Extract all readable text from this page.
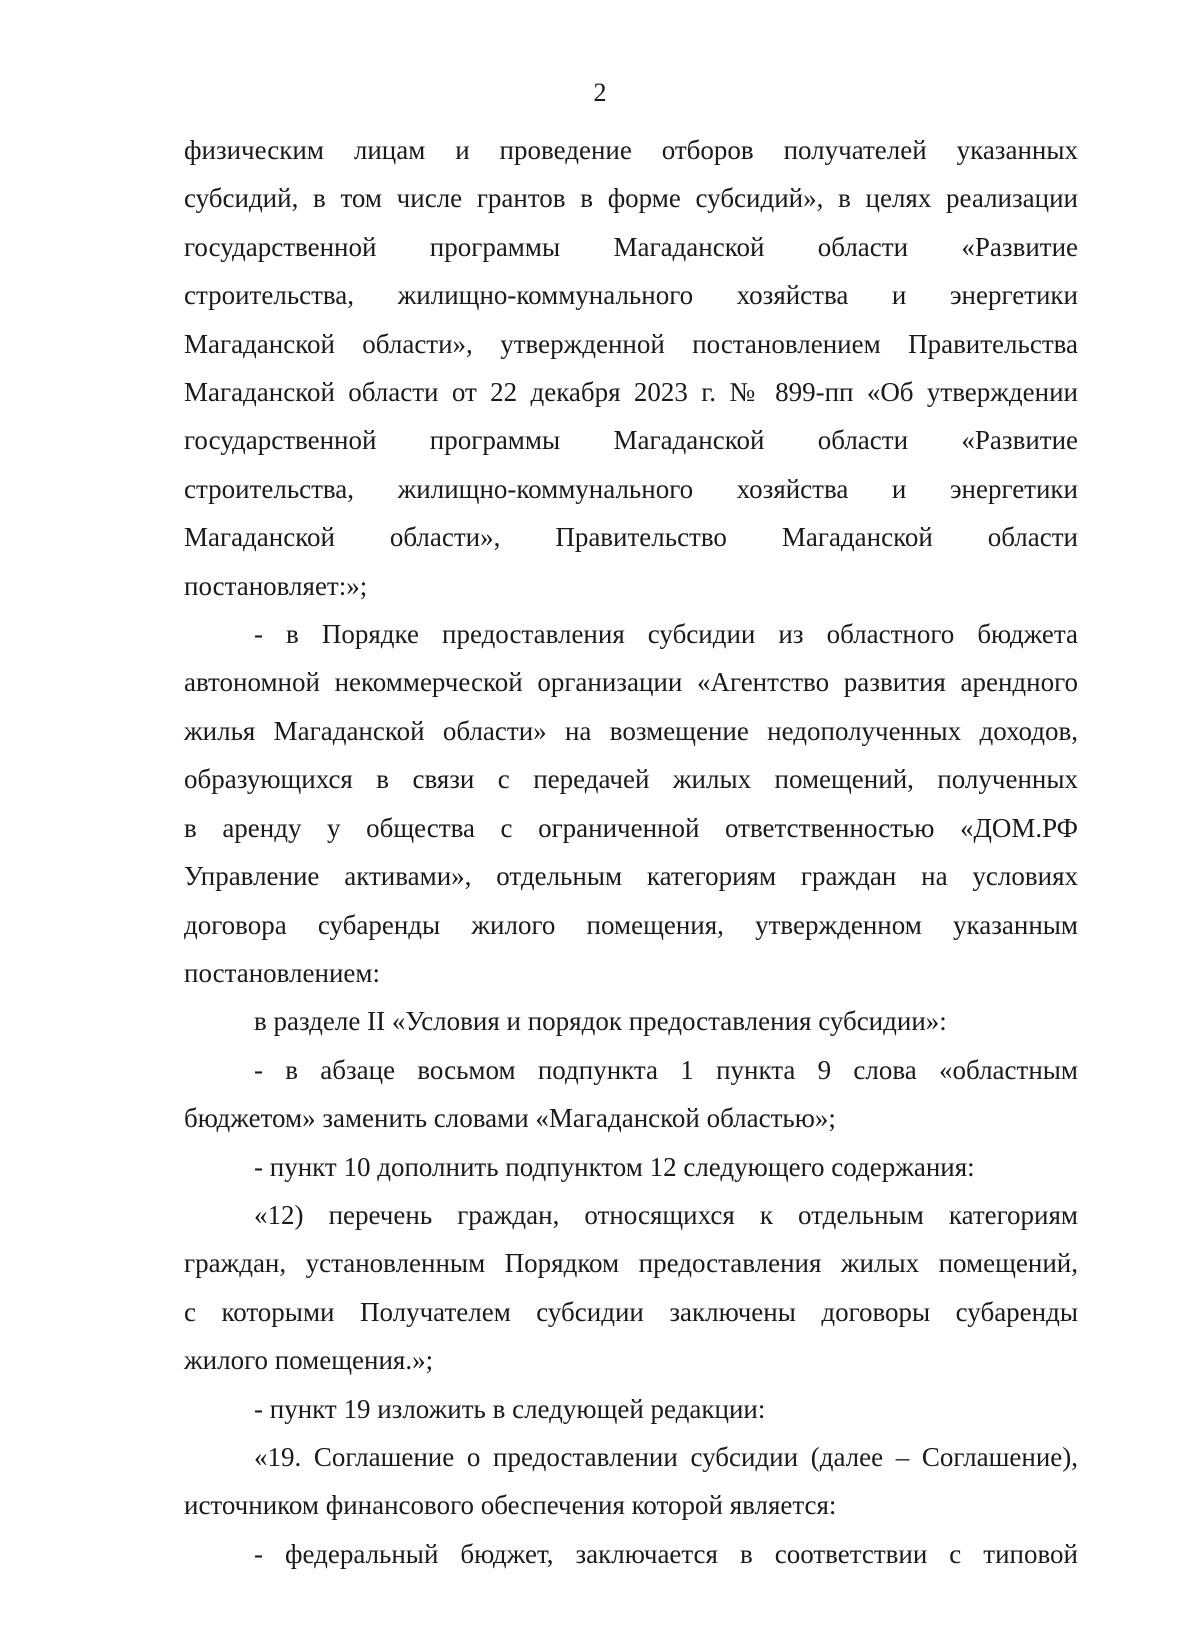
2
физическим лицам и проведение отборов получателей указанных
субсидий, в том числе грантов в форме субсидий», в целях реализации
государственной программы Магаданской области «Развитие
строительства, жилищно-коммунального хозяйства и энергетики
Магаданской области», утвержденной постановлением Правительства
Магаданской области от 22 декабря 2023 г. № 899-пп «Об утверждении
государственной программы Магаданской области «Развитие
строительства, жилищно-коммунального хозяйства и энергетики
Магаданской области», Правительство Магаданской области
постановляет:»;
- в Порядке предоставления субсидии из областного бюджета
автономной некоммерческой организации «Агентство развития арендного
жилья Магаданской области» на возмещение недополученных доходов,
образующихся в связи с передачей жилых помещений, полученных
в аренду у общества с ограниченной ответственностью «ДОМ.РФ
Управление активами», отдельным категориям граждан на условиях
договора субаренды жилого помещения, утвержденном указанным
постановлением:
в разделе II «Условия и порядок предоставления субсидии»:
- в абзаце восьмом подпункта 1 пункта 9 слова «областным
бюджетом» заменить словами «Магаданской областью»;
- пункт 10 дополнить подпунктом 12 следующего содержания:
«12) перечень граждан, относящихся к отдельным категориям
граждан, установленным Порядком предоставления жилых помещений,
с которыми Получателем субсидии заключены договоры субаренды
жилого помещения.»;
- пункт 19 изложить в следующей редакции:
«19. Соглашение о предоставлении субсидии (далее – Соглашение),
источником финансового обеспечения которой является:
- федеральный бюджет, заключается в соответствии с типовой
